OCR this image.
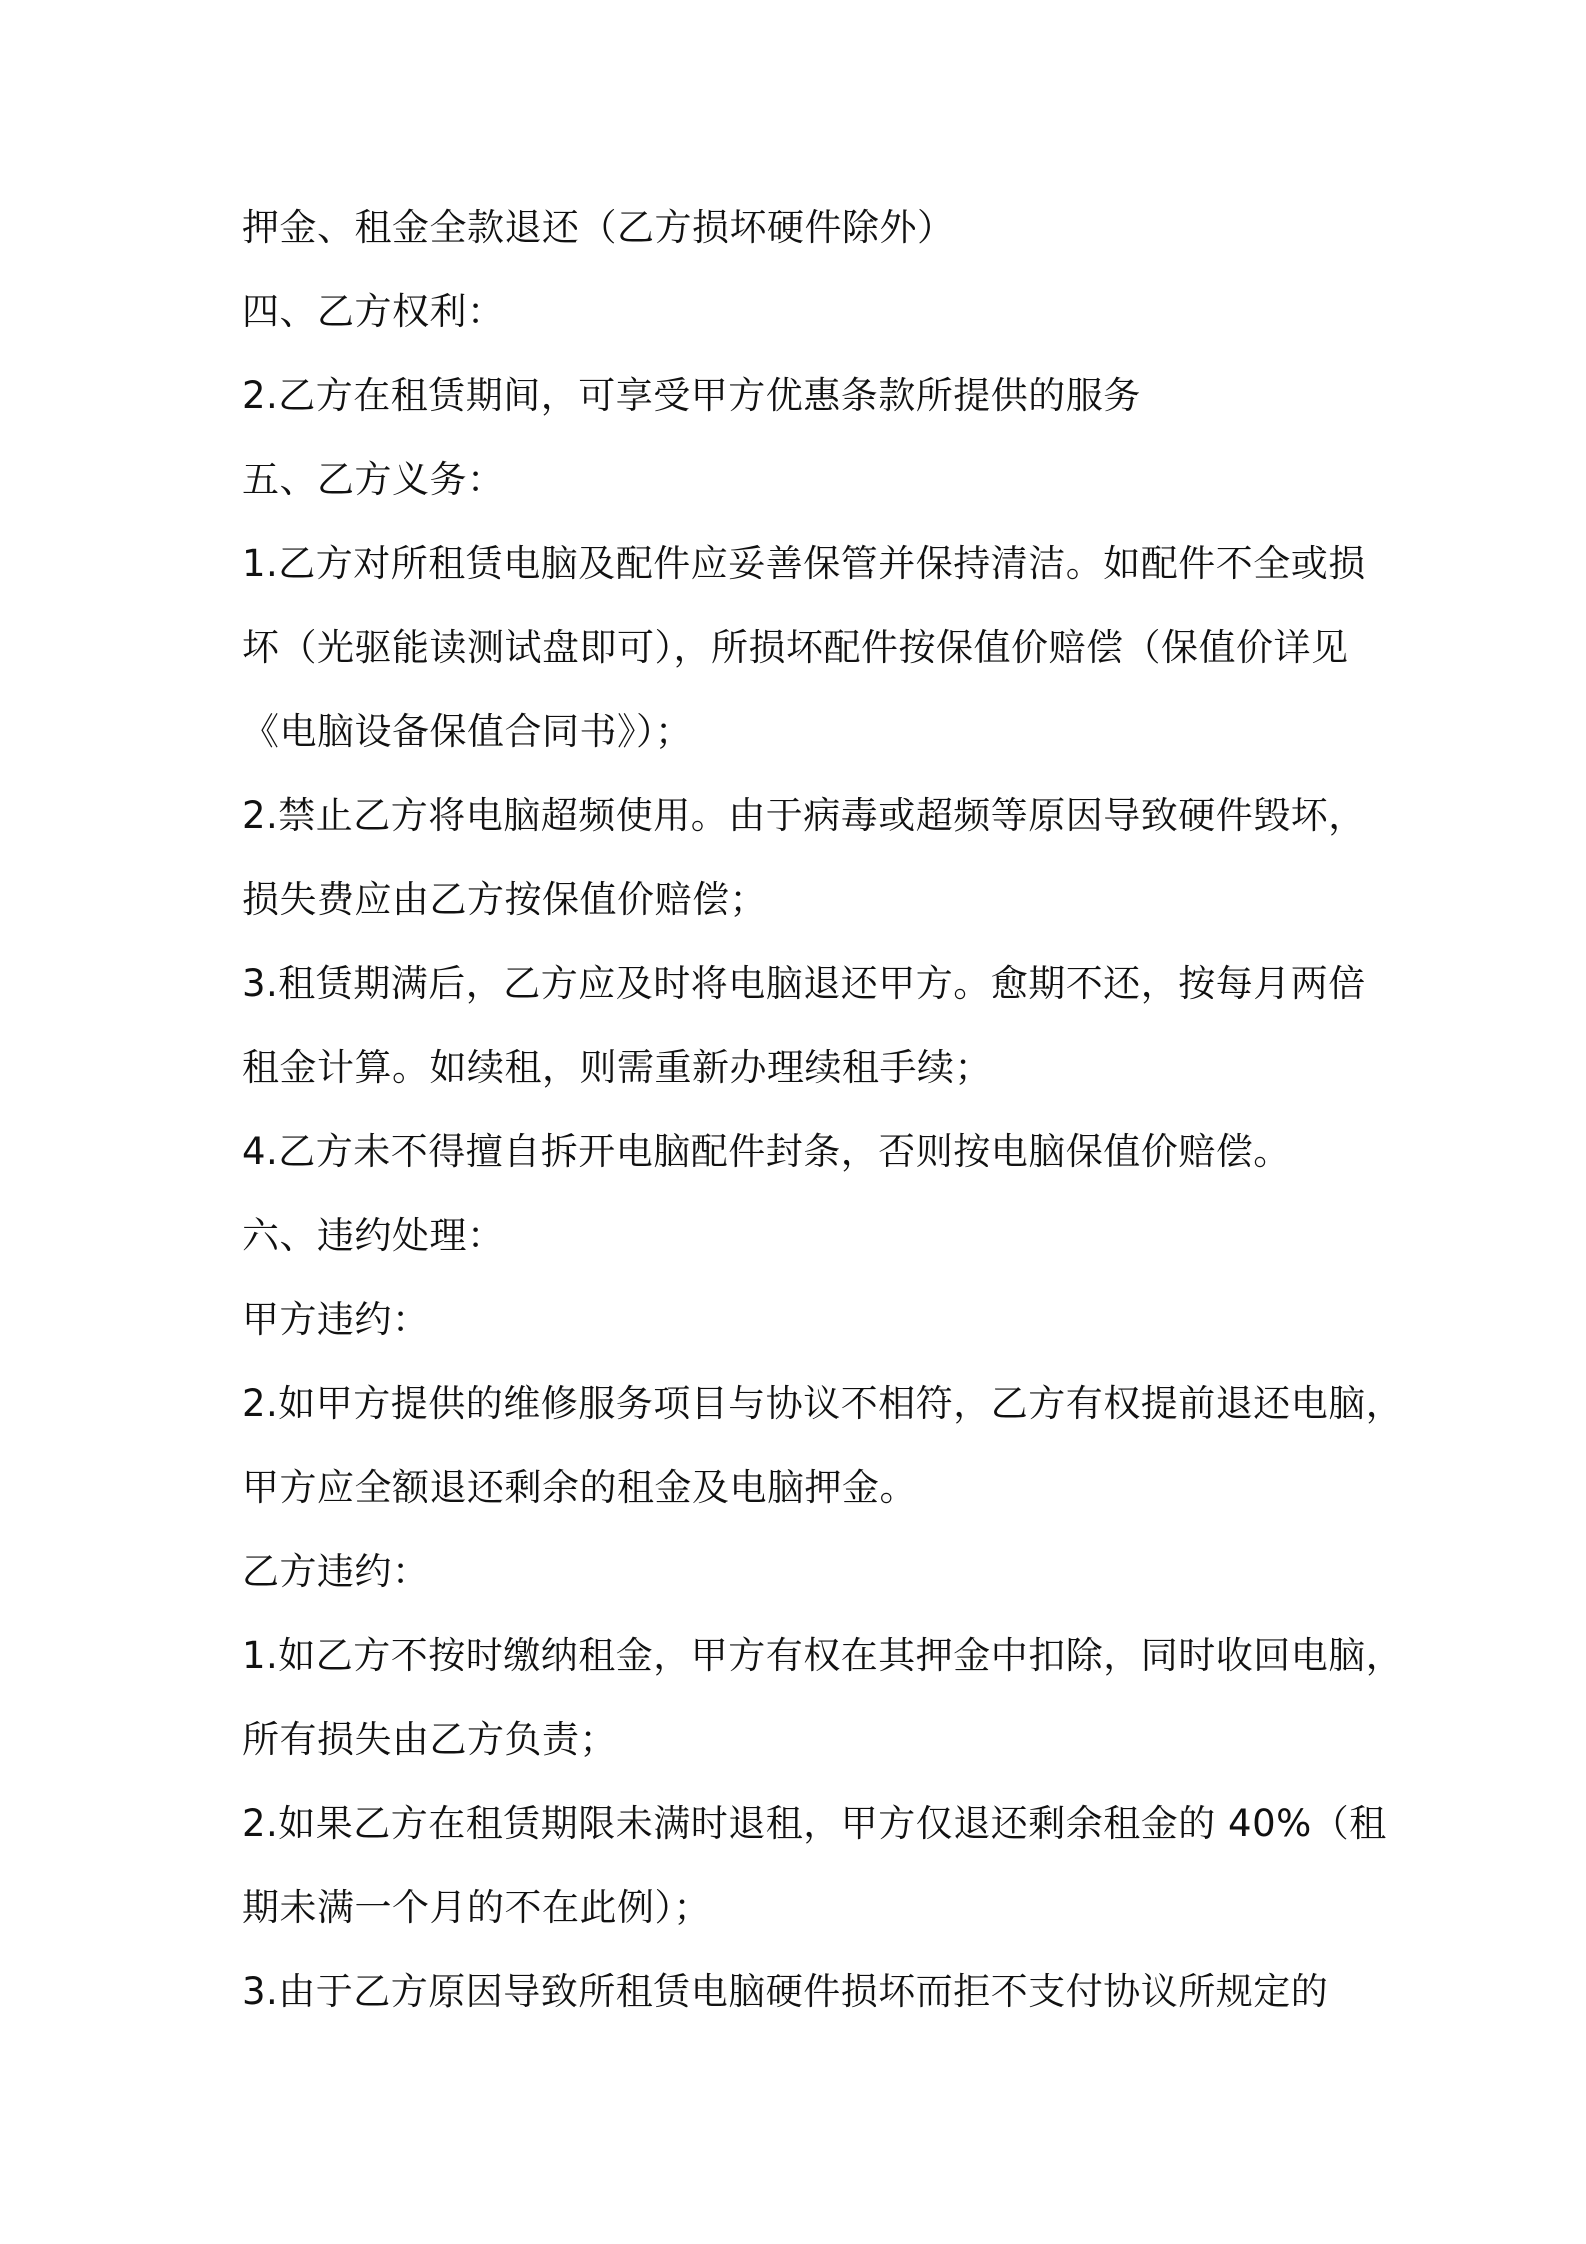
押金、租金全款退还（乙方损坏硬件除外）
四、乙方权利：
2.乙方在租赁期间，可享受甲方优惠条款所提供的服务
五、乙方义务：
1.乙方对所租赁电脑及配件应妥善保管并保持清洁。如配件不全或损
坏（光驱能读测试盘即可），所损坏配件按保值价赔偿（保值价详见
《电脑设备保值合同书》）；
2.禁止乙方将电脑超频使用。由于病毒或超频等原因导致硬件毁坏，
损失费应由乙方按保值价赔偿；
3.租赁期满后，乙方应及时将电脑退还甲方。愈期不还，按每月两倍
租金计算。如续租，则需重新办理续租手续；
4.乙方未不得擅自拆开电脑配件封条，否则按电脑保值价赔偿。
六、违约处理：
甲方违约：
2.如甲方提供的维修服务项目与协议不相符，乙方有权提前退还电脑，
甲方应全额退还剩余的租金及电脑押金。
乙方违约：
1.如乙方不按时缴纳租金，甲方有权在其押金中扣除，同时收回电脑，
所有损失由乙方负责；
2.如果乙方在租赁期限未满时退租，甲方仅退还剩余租金的 40%（租
期未满一个月的不在此例）；
3.由于乙方原因导致所租赁电脑硬件损坏而拒不支付协议所规定的
